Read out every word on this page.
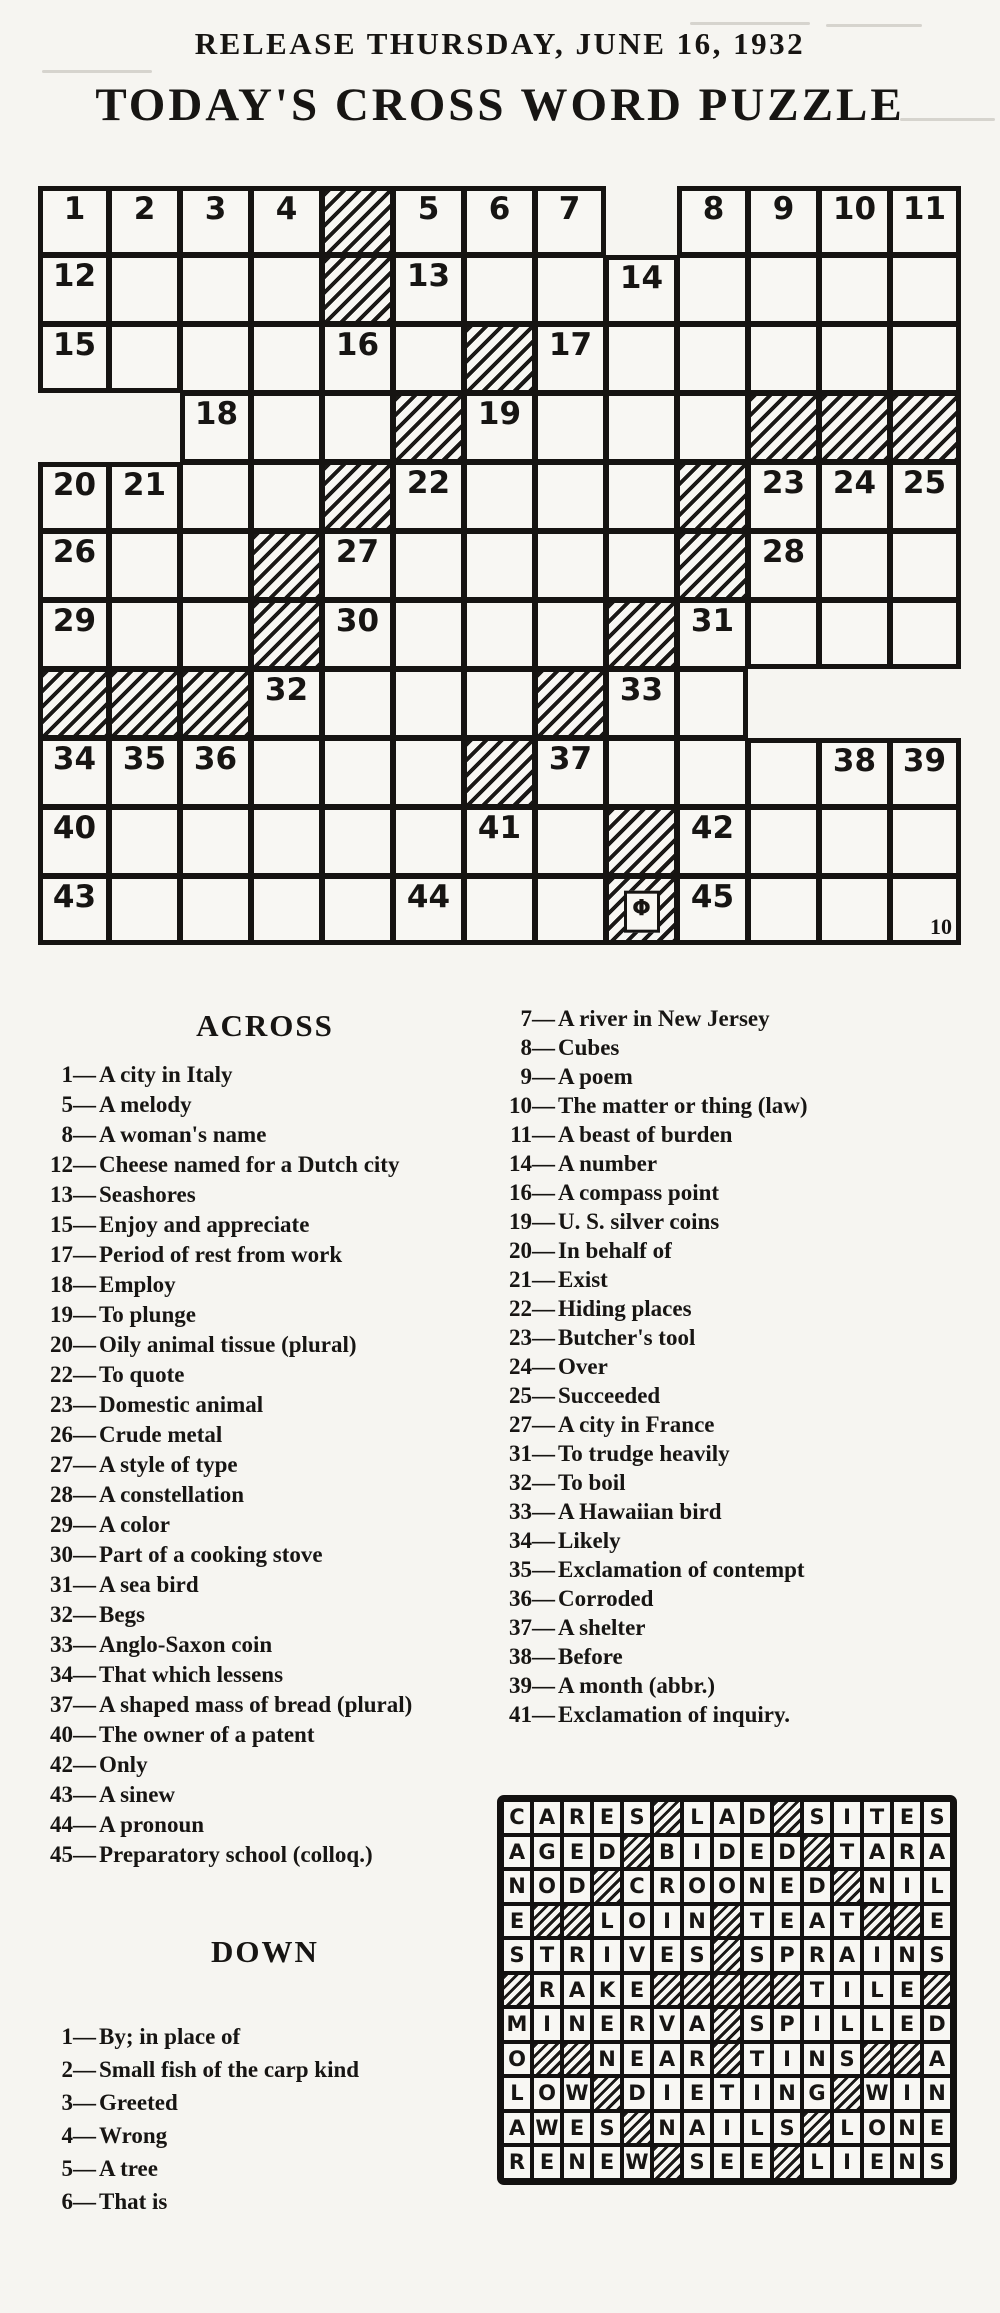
RELEASE THURSDAY, JUNE 16, 1932
TODAY'S CROSS WORD PUZZLE
1	2	3	4	5	6	7	8	9	10 11
12	13	14
15	16	17
18	19
20 21	22	23 24 25
26	27	28
29	30	31
32	33
34 35 36	37	38 39
40	41	42
43	44	Φ	45
10
ACROSS
1— A city in Italy
5— A melody
8— A woman's name
12— Cheese named for a Dutch city
13— Seashores
15— Enjoy and appreciate
17— Period of rest from work
18— Employ
19— To plunge
20— Oily animal tissue (plural)
22— To quote
23— Domestic animal
26— Crude metal
27— A style of type
28— A constellation
29— A color
30— Part of a cooking stove
31— A sea bird
32— Begs
33— Anglo-Saxon coin
34— That which lessens
37— A shaped mass of bread (plural)
40— The owner of a patent
42— Only
43— A sinew
44— A pronoun
45— Preparatory school (colloq.)
DOWN
1— By; in place of
2— Small fish of the carp kind
3— Greeted
4— Wrong
5— A tree
6— That is
7— A river in New Jersey
8— Cubes
9— A poem
10— The matter or thing (law)
11— A beast of burden
14— A number
16— A compass point
19— U. S. silver coins
20— In behalf of
21— Exist
22— Hiding places
23— Butcher's tool
24— Over
25— Succeeded
27— A city in France
31— To trudge heavily
32— To boil
33— A Hawaiian bird
34— Likely
35— Exclamation of contempt
36— Corroded
37— A shelter
38— Before
39— A month (abbr.)
41— Exclamation of inquiry.
C A R E S	L A D	S I T E S
A G E D	B I D E D	T A R A
N O D	C R O O N E D N I L
E	L O I N	T E A T	E
S T R I V E S	S P R A I N S
R A K E	T I L E
M I N E R V A	S P I L L E D
O	N E A R	T I N S	A
L O W D I E T I N G	W I N
A W E S	N A I L S	L O N E
R E N E W	S E E	L I E N S
